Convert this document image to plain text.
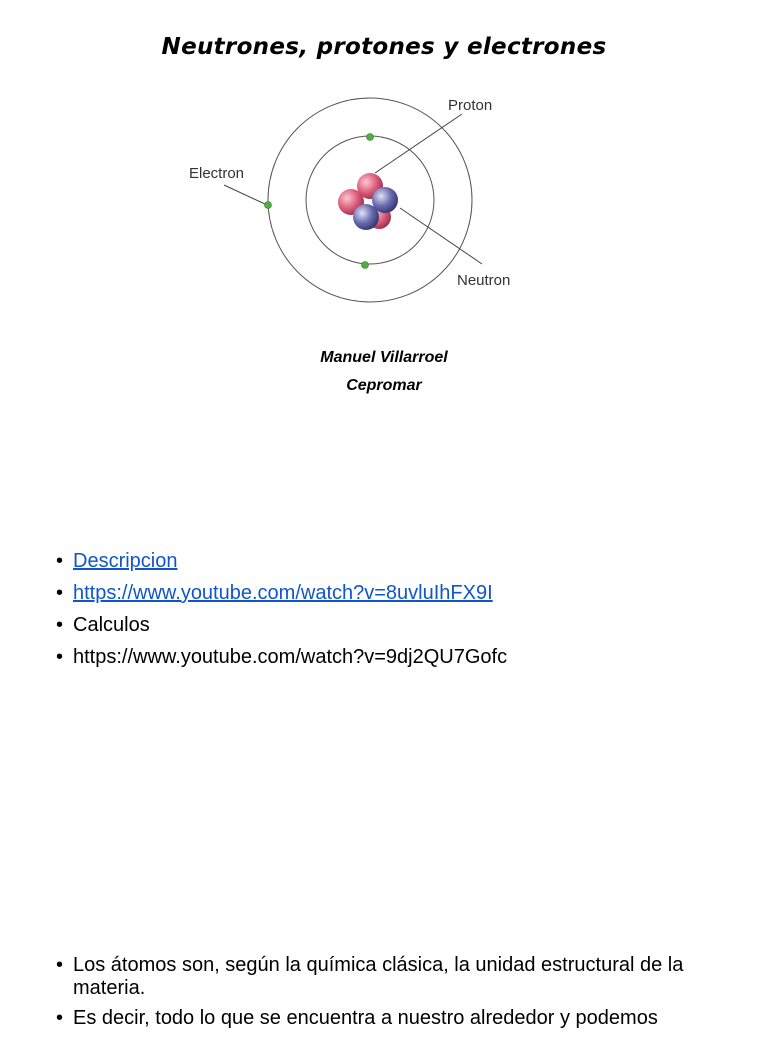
Neutrones, protones y electrones
Proton
Electron
Neutron
Manuel Villarroel
Cepromar
• Descripcion
• https://www.youtube.com/watch?v=8uvluIhFX9I
• Calculos
• https://www.youtube.com/watch?v=9dj2QU7Gofc
• Los átomos son, según la química clásica, la unidad estructural de la materia.
• Es decir, todo lo que se encuentra a nuestro alrededor y podemos
